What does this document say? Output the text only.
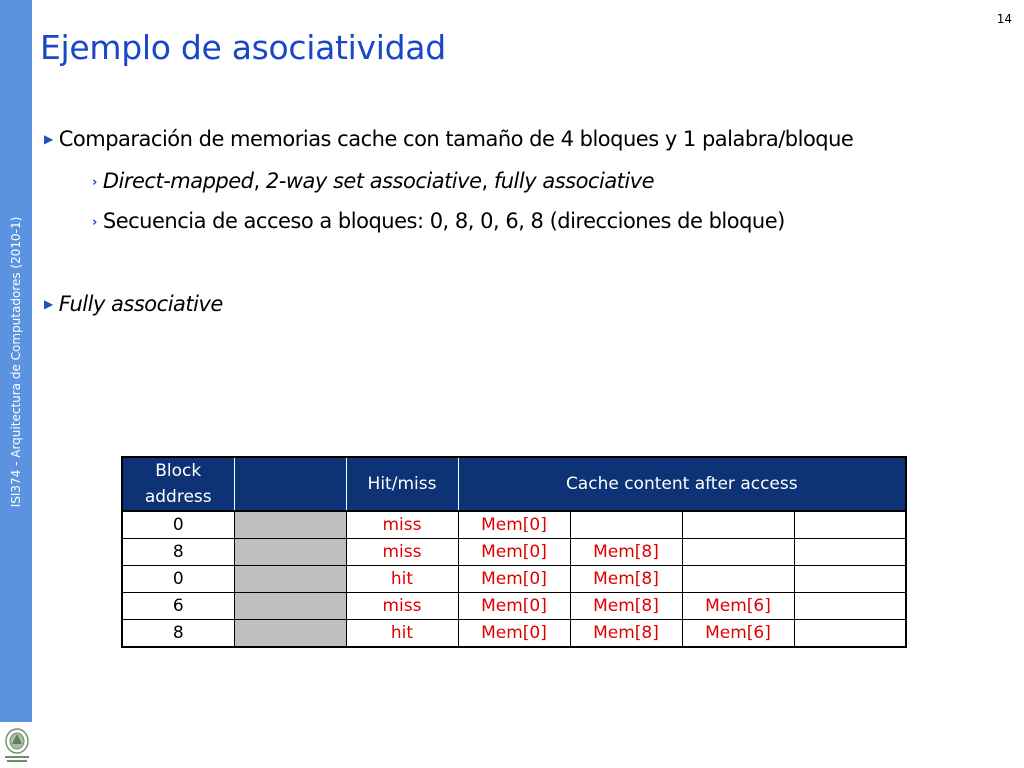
ISI374 - Arquitectura de Computadores (2010-1)
14
Ejemplo de asociatividad
▶ Comparación de memorias cache con tamaño de 4 bloques y 1 palabra/bloque
› Direct-mapped, 2-way set associative, fully associative
› Secuencia de acceso a bloques: 0, 8, 0, 6, 8 (direcciones de bloque)
▶ Fully associative
Block
address		Hit/miss	Cache content after access			
0		miss	Mem[0]			
8		miss	Mem[0]	Mem[8]		
0		hit	Mem[0]	Mem[8]		
6		miss	Mem[0]	Mem[8]	Mem[6]	
8		hit	Mem[0]	Mem[8]	Mem[6]	
